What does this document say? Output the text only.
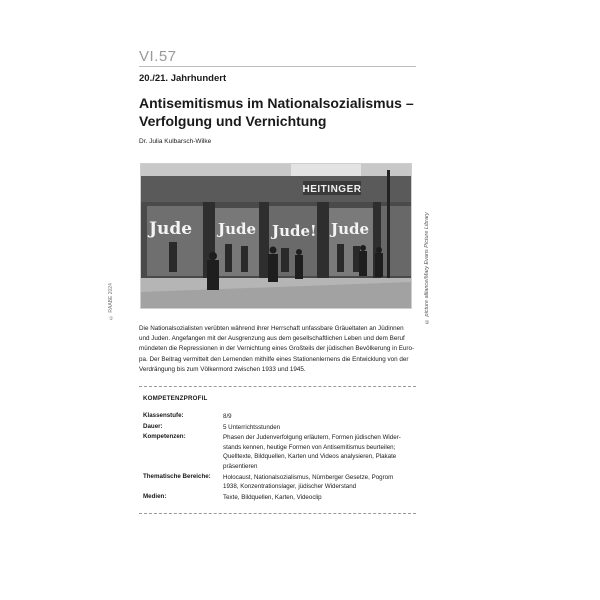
VI.57
20./21. Jahrhundert
Antisemitismus im Nationalsozialismus –
Verfolgung und Vernichtung
Dr. Julia Kulbarsch-Wilke
HEITINGER
Jude Jude Jude! Jude	© picture alliance/Mary Evans Picture Library
© RAABE 2024

Die Nationalsozialisten verübten während ihrer Herrschaft unfassbare Gräueltaten an Jüdinnen

und Juden. Angefangen mit der Ausgrenzung aus dem gesellschaftlichen Leben und dem Beruf

mündeten die Repressionen in der Vernichtung eines Großteils der jüdischen Bevölkerung in Euro-

pa. Der Beitrag vermittelt den Lernenden mithilfe eines Stationenlernens die Entwicklung von der

Verdrängung bis zum Völkermord zwischen 1933 und 1945.

KOMPETENZPROFIL
Klassenstufe:	8/9
Dauer:	5 Unterrichtsstunden
Kompetenzen:	Phasen der Judenverfolgung erläutern, Formen jüdischen Wider-
stands kennen, heutige Formen von Antisemitismus beurteilen;
Quelltexte, Bildquellen, Karten und Videos analysieren, Plakate
präsentieren
Thematische Bereiche:	Holocaust, Nationalsozialismus, Nürnberger Gesetze, Pogrom
1938, Konzentrationslager, jüdischer Widerstand
Medien:	Texte, Bildquellen, Karten, Videoclip
